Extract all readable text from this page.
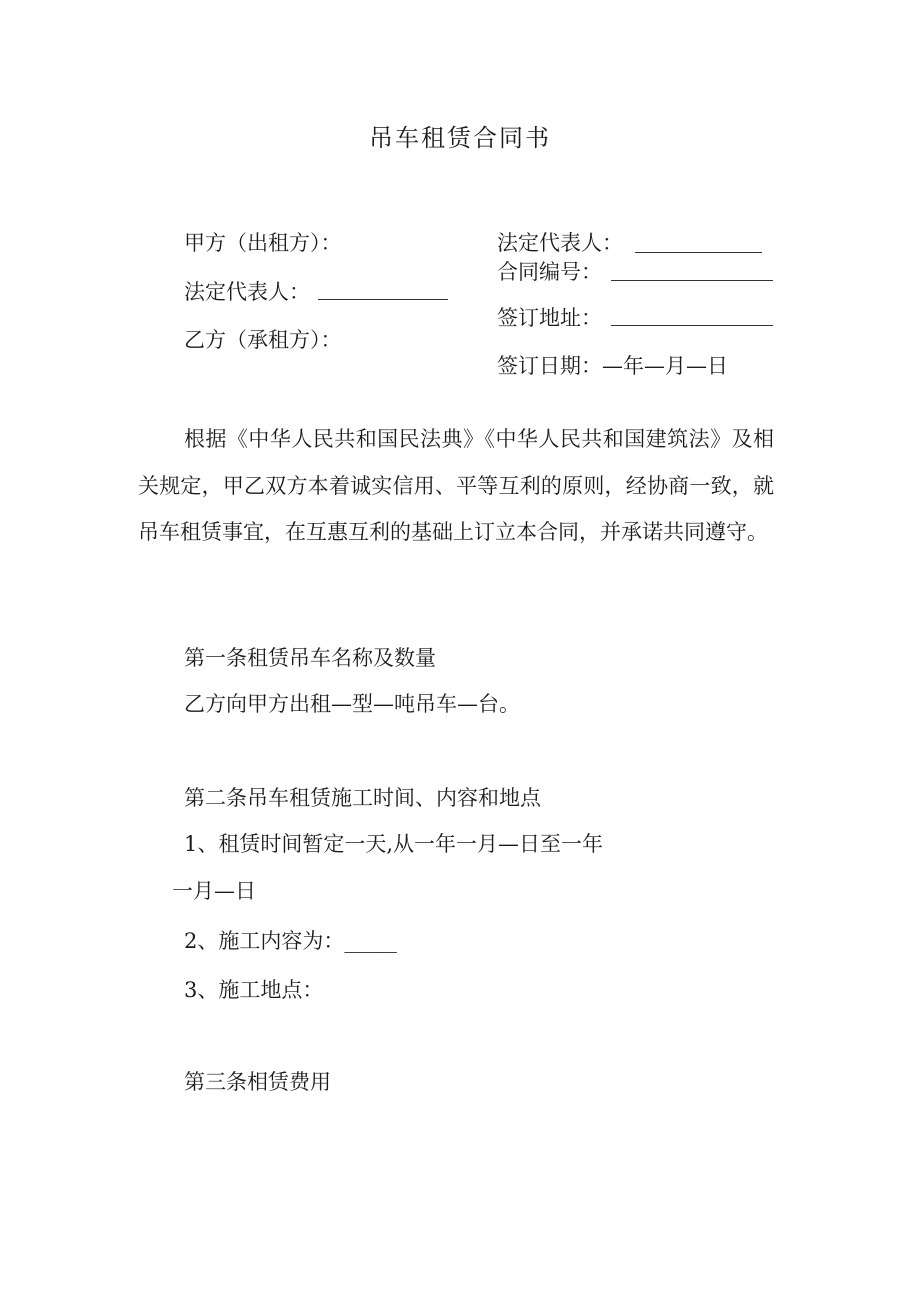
吊车租赁合同书
甲方（出租方）：
法定代表人：
乙方（承租方）：
法定代表人：
合同编号：
签订地址：
签订日期：—年—月—日
根据《中华人民共和国民法典》《中华人民共和国建筑法》及相关规定，甲乙双方本着诚实信用、平等互利的原则，经协商一致，就吊车租赁事宜，在互惠互利的基础上订立本合同，并承诺共同遵守。
第一条租赁吊车名称及数量
乙方向甲方出租—型—吨吊车—台。
第二条吊车租赁施工时间、内容和地点
1、租赁时间暂定一天,从一年一月—日至一年
一月—日
2、施工内容为：_____
3、施工地点：
第三条相赁费用
